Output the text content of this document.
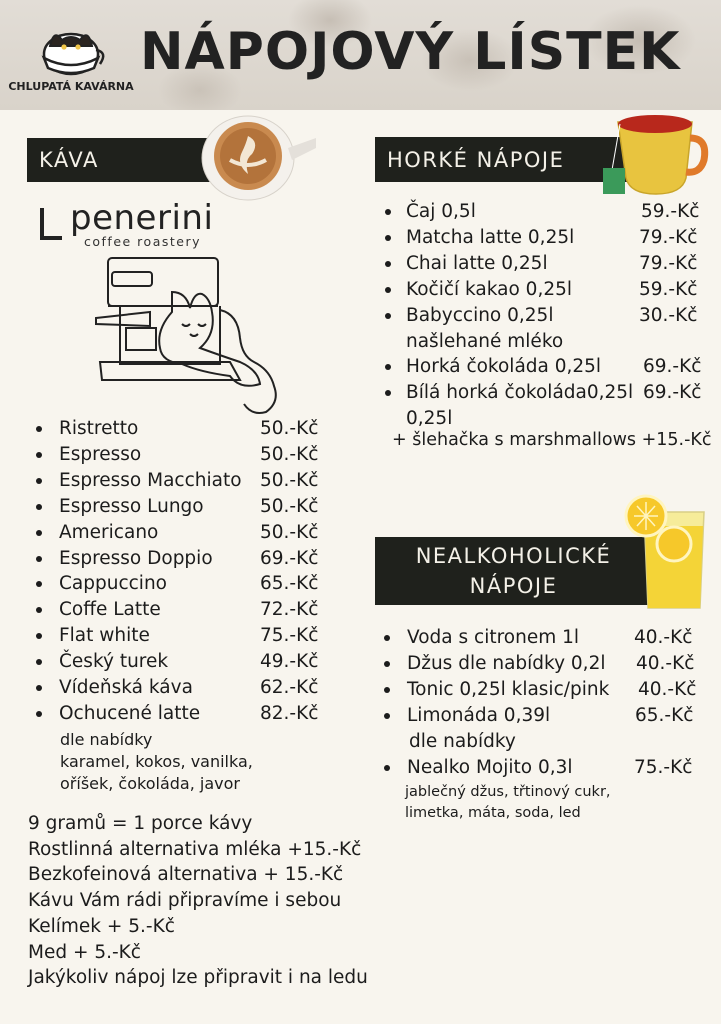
CHLUPATÁ KAVÁRNA
NÁPOJOVÝ LÍSTEK
KÁVA
penerini
coffee roastery
Ristretto	50.-Kč
Espresso	50.-Kč
Espresso Macchiato 50.-Kč
Espresso Lungo	50.-Kč
Americano	50.-Kč
Espresso Doppio	69.-Kč
Cappuccino	65.-Kč
Coffe Latte	72.-Kč
Flat white	75.-Kč
Český turek	49.-Kč
Vídeňská káva	62.-Kč
Ochucené latte	82.-Kč
dle nabídky
karamel, kokos, vanilka,
oříšek, čokoláda, javor
9 gramů = 1 porce kávy
Rostlinná alternativa mléka +15.-Kč
Bezkofeinová alternativa + 15.-Kč
Kávu Vám rádi připravíme i sebou
Kelímek + 5.-Kč
Med + 5.-Kč
Jakýkoliv nápoj lze připravit i na ledu
HORKÉ NÁPOJE
Čaj 0,5l	59.-Kč
Matcha latte 0,25l	79.-Kč
Chai latte 0,25l	79.-Kč
Kočičí kakao 0,25l	59.-Kč
Babyccino 0,25l	30.-Kč
našlehané mléko
Horká čokoláda 0,25l 69.-Kč
Bílá horká čokoláda0,25l 69.-Kč
0,25l
+ šlehačka s marshmallows +15.-Kč
NEALKOHOLICKÉ
NÁPOJE
Voda s citronem 1l	40.-Kč
Džus dle nabídky 0,2l 40.-Kč
Tonic 0,25l klasic/pink 40.-Kč
Limonáda 0,39l	65.-Kč
dle nabídky
Nealko Mojito 0,3l	75.-Kč
jablečný džus, třtinový cukr,
limetka, máta, soda, led
